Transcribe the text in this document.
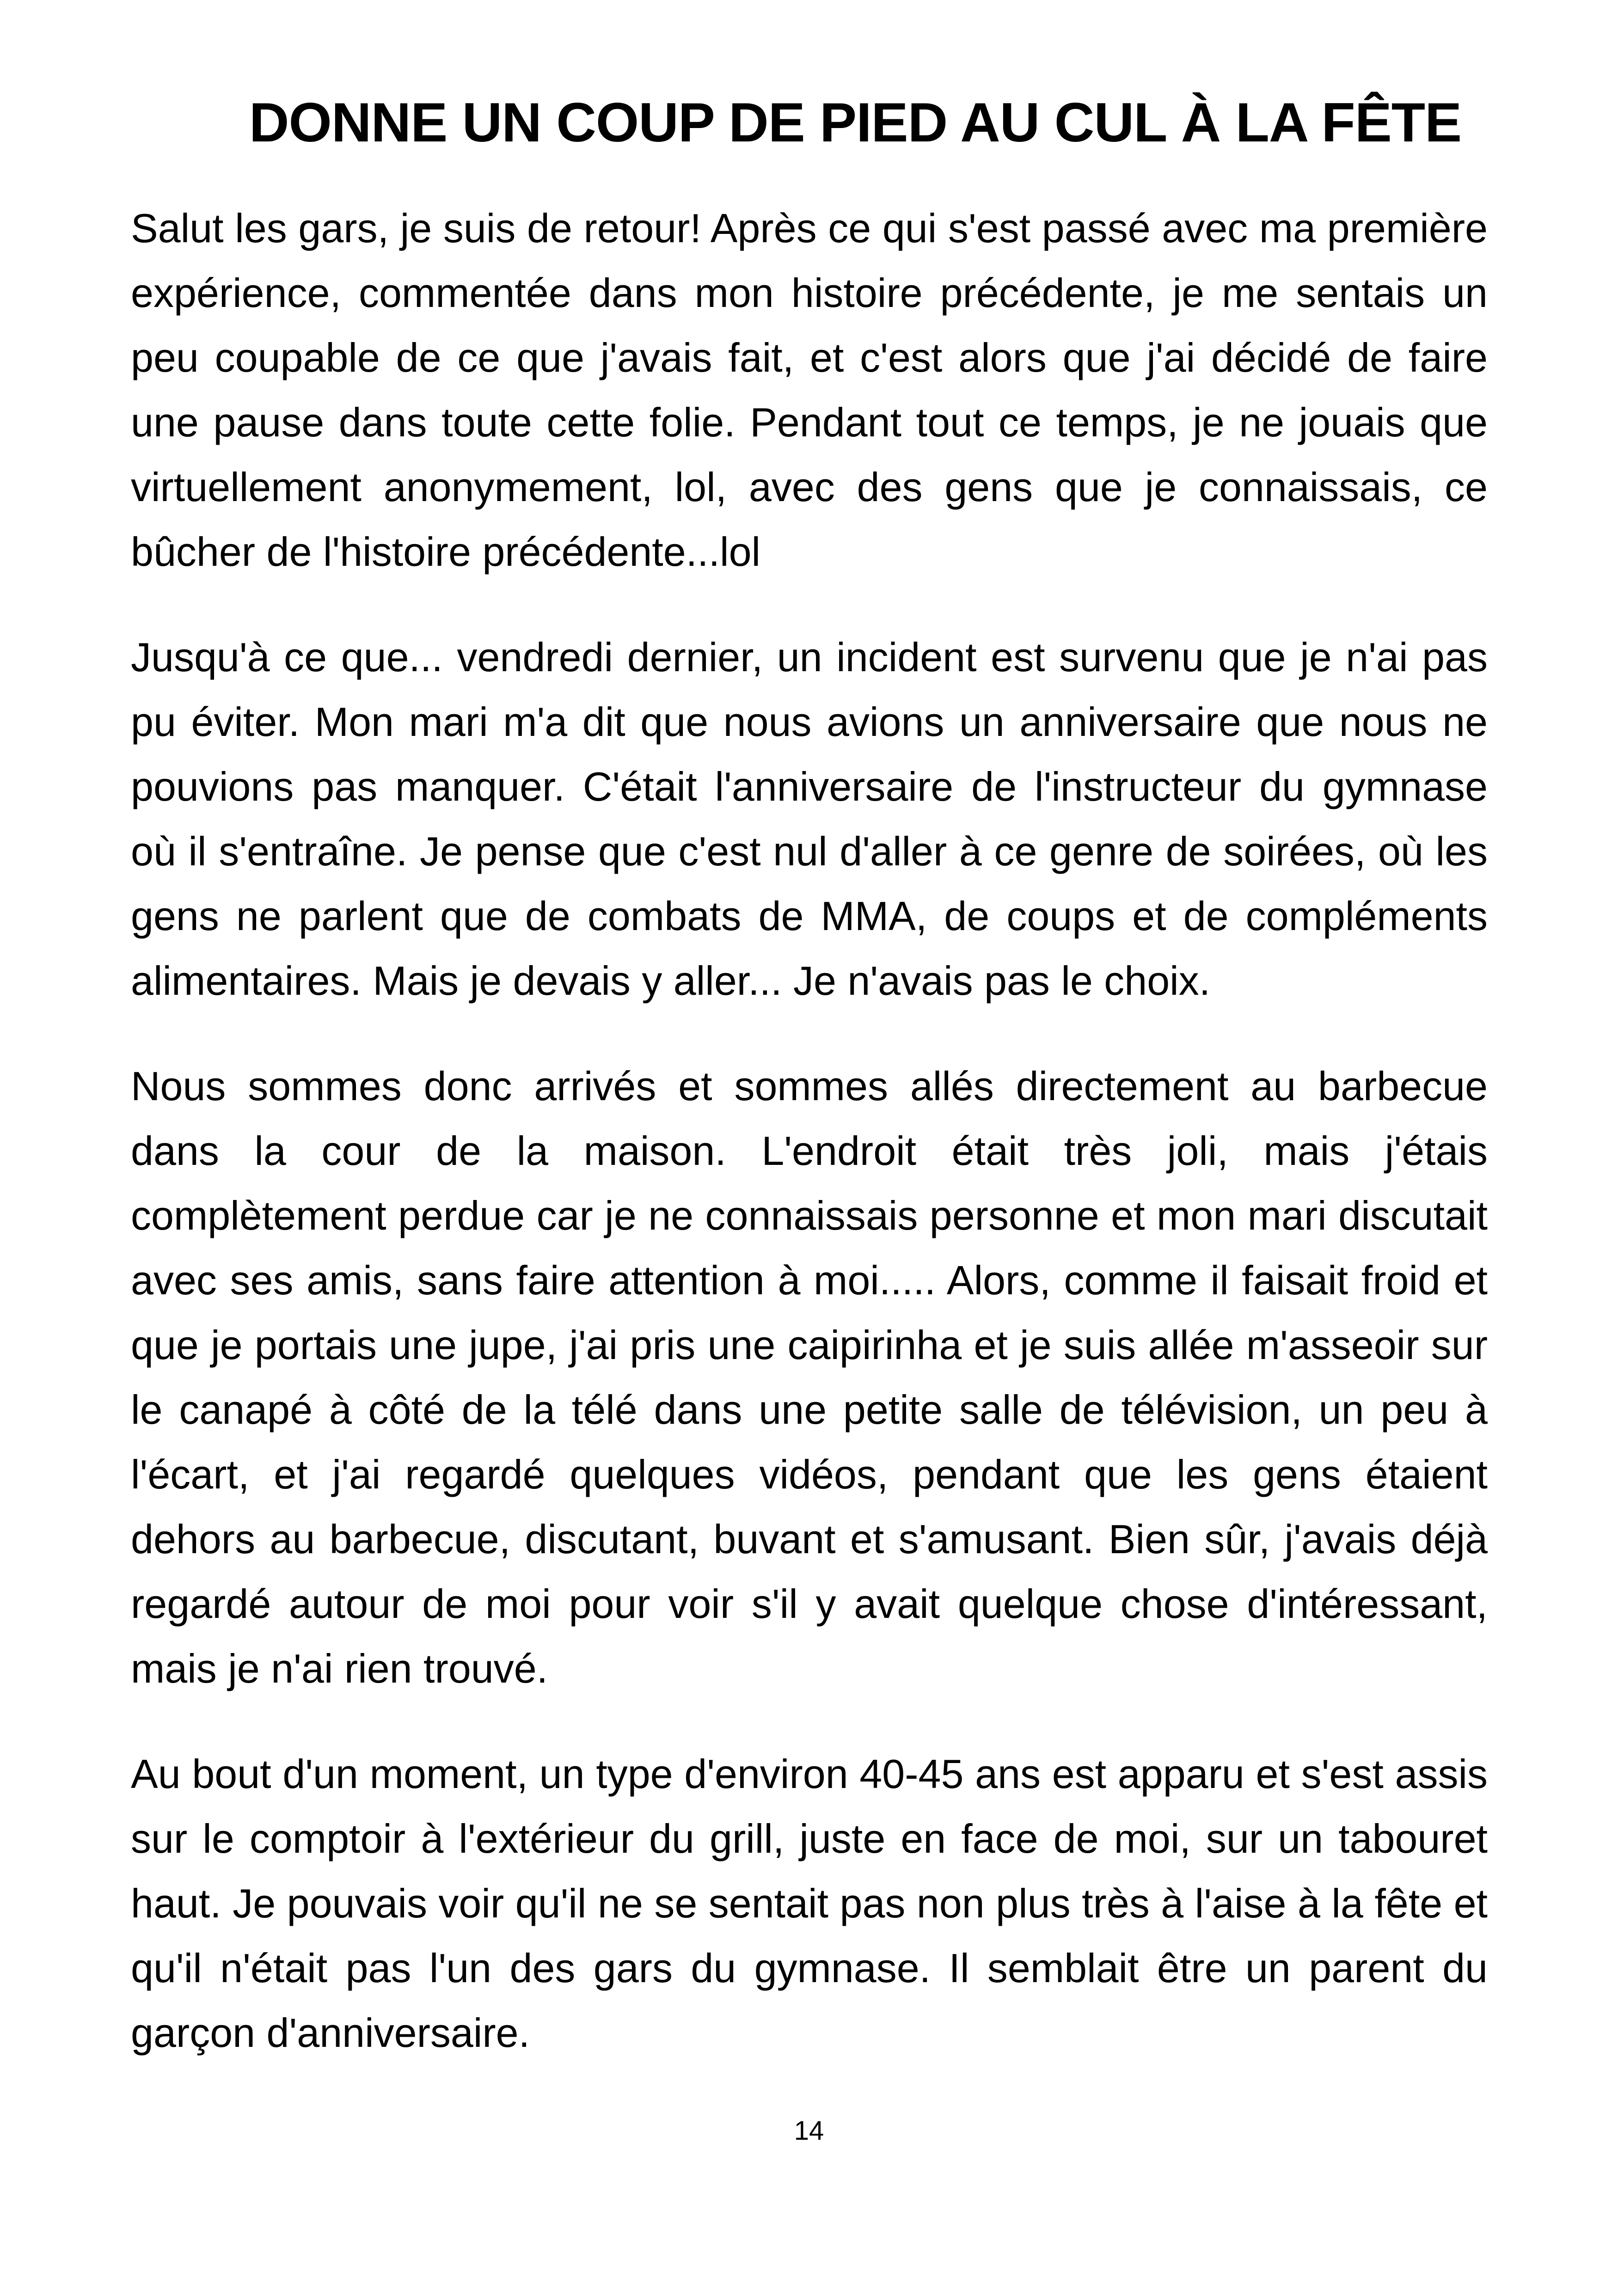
DONNE UN COUP DE PIED AU CUL À LA FÊTE

Salut les gars, je suis de retour! Après ce qui s'est passé avec ma première expérience, commentée dans mon histoire précédente, je me sentais un peu coupable de ce que j'avais fait, et c'est alors que j'ai décidé de faire une pause dans toute cette folie. Pendant tout ce temps, je ne jouais que virtuellement anonymement, lol, avec des gens que je connaissais, ce bûcher de l'histoire précédente...lol

Jusqu'à ce que... vendredi dernier, un incident est survenu que je n'ai pas pu éviter. Mon mari m'a dit que nous avions un anniversaire que nous ne pouvions pas manquer. C'était l'anniversaire de l'instructeur du gymnase où il s'entraîne. Je pense que c'est nul d'aller à ce genre de soirées, où les gens ne parlent que de combats de MMA, de coups et de compléments alimentaires. Mais je devais y aller... Je n'avais pas le choix.

Nous sommes donc arrivés et sommes allés directement au barbecue dans la cour de la maison. L'endroit était très joli, mais j'étais complètement perdue car je ne connaissais personne et mon mari discutait avec ses amis, sans faire attention à moi..... Alors, comme il faisait froid et que je portais une jupe, j'ai pris une caipirinha et je suis allée m'asseoir sur le canapé à côté de la télé dans une petite salle de télévision, un peu à l'écart, et j'ai regardé quelques vidéos, pendant que les gens étaient dehors au barbecue, discutant, buvant et s'amusant. Bien sûr, j'avais déjà regardé autour de moi pour voir s'il y avait quelque chose d'intéressant, mais je n'ai rien trouvé.

Au bout d'un moment, un type d'environ 40-45 ans est apparu et s'est assis sur le comptoir à l'extérieur du grill, juste en face de moi, sur un tabouret haut. Je pouvais voir qu'il ne se sentait pas non plus très à l'aise à la fête et qu'il n'était pas l'un des gars du gymnase. Il semblait être un parent du garçon d'anniversaire.

14
